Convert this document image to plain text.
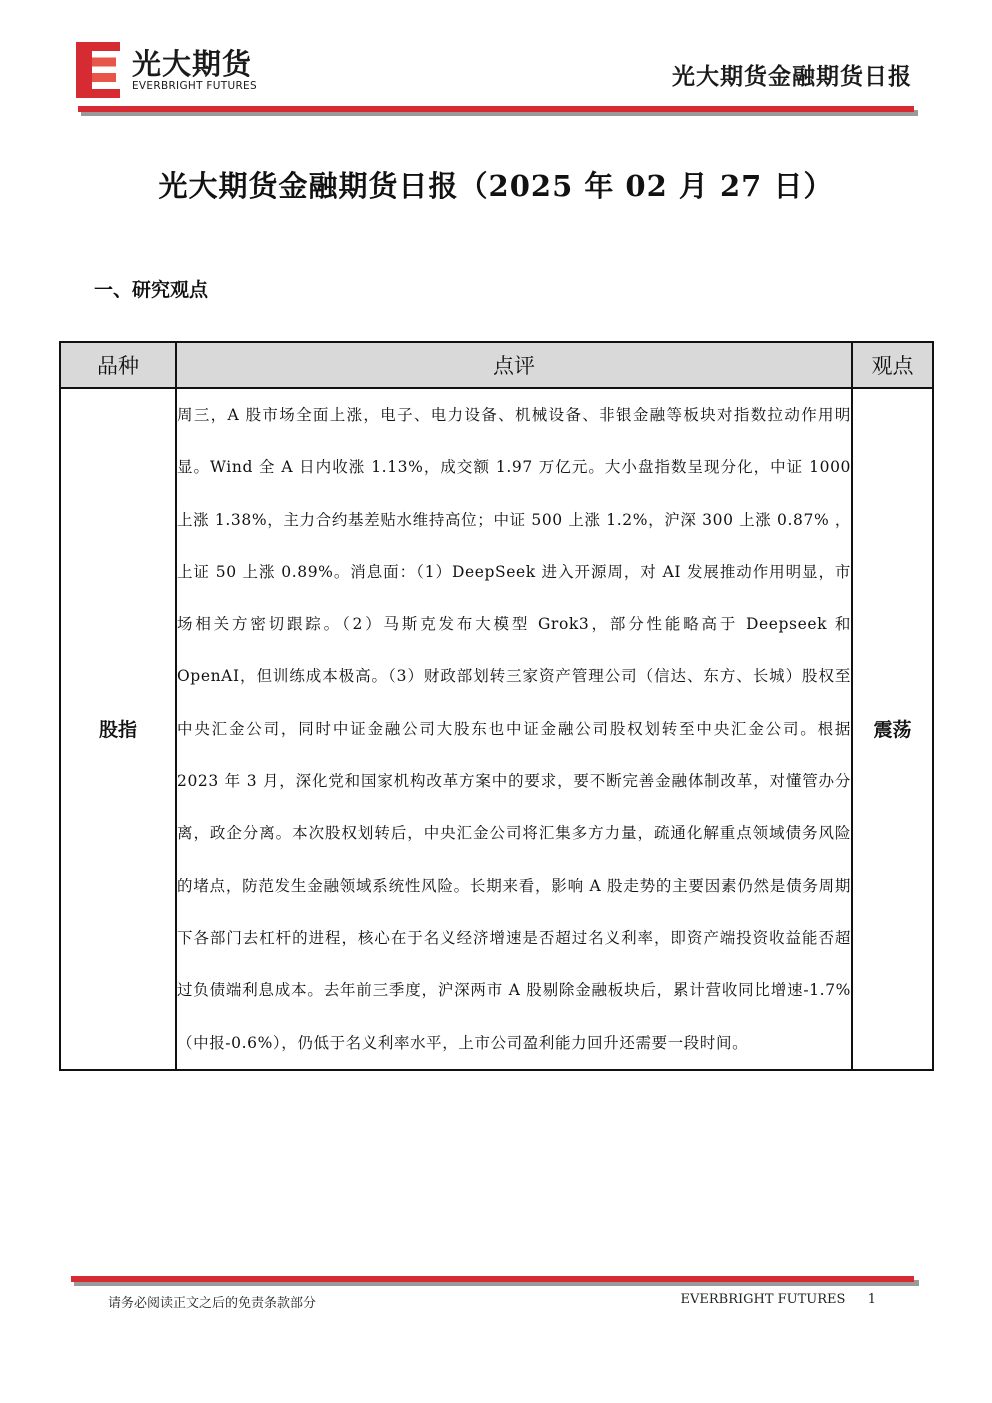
光大期货
EVERBRIGHT FUTURES	光大期货金融期货日报
光大期货金融期货日报（2025 年 02 月 27 日）
一、研究观点
品种	点评	观点
股指	周三，A 股市场全面上涨，电子、电力设备、机械设备、非银金融等板块对指数拉动作用明显。Wind 全 A 日内收涨 1.13%，成交额 1.97 万亿元。大小盘指数呈现分化，中证 1000 上涨 1.38%，主力合约基差贴水维持高位；中证 500 上涨 1.2%，沪深 300 上涨 0.87% ，上证 50 上涨 0.89%。消息面：（1）DeepSeek 进入开源周，对 AI 发展推动作用明显，市场相关方密切跟踪。（2）马斯克发布大模型 Grok3，部分性能略高于 Deepseek 和 OpenAI，但训练成本极高。（3）财政部划转三家资产管理公司（信达、东方、长城）股权至中央汇金公司，同时中证金融公司大股东也中证金融公司股权划转至中央汇金公司。根据 2023 年 3 月，深化党和国家机构改革方案中的要求，要不断完善金融体制改革，对懂管办分离，政企分离。本次股权划转后，中央汇金公司将汇集多方力量，疏通化解重点领域债务风险的堵点，防范发生金融领域系统性风险。长期来看，影响 A 股走势的主要因素仍然是债务周期下各部门去杠杆的进程，核心在于名义经济增速是否超过名义利率，即资产端投资收益能否超过负债端利息成本。去年前三季度，沪深两市 A 股剔除金融板块后，累计营收同比增速-1.7%（中报-0.6%），仍低于名义利率水平，上市公司盈利能力回升还需要一段时间。	震荡
请务必阅读正文之后的免责条款部分	EVERBRIGHT FUTURES 1
